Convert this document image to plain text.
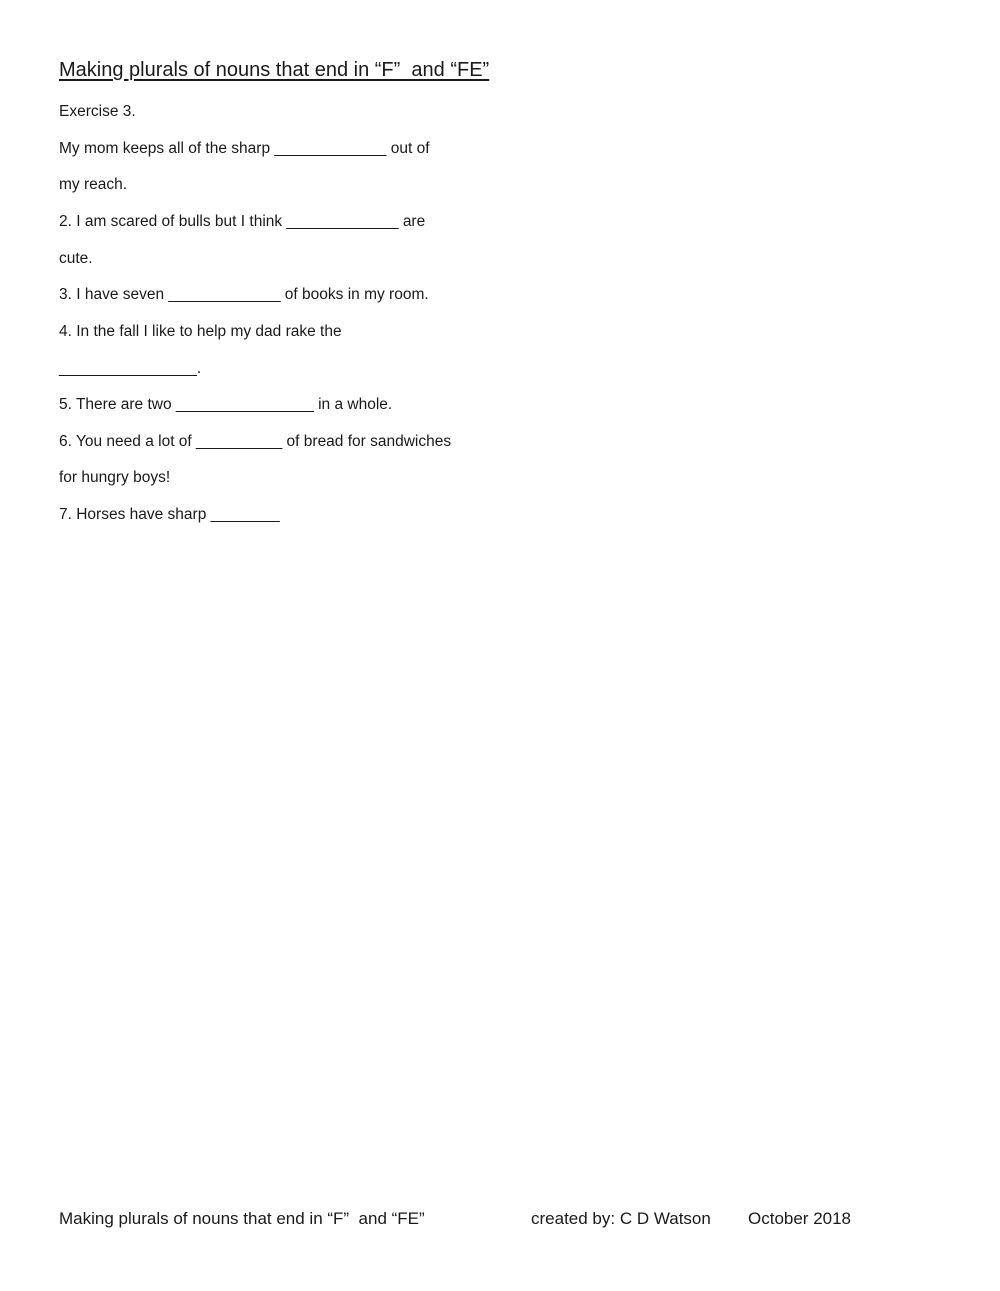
Making plurals of nouns that end in “F”  and “FE”

Exercise 3.

My mom keeps all of the sharp _____________ out of

my reach.

2. I am scared of bulls but I think _____________ are

cute.

3. I have seven _____________ of books in my room.

4. In the fall I like to help my dad rake the

________________.

5. There are two ________________ in a whole.

6. You need a lot of __________ of bread for sandwiches

for hungry boys!

7. Horses have sharp ________

Making plurals of nouns that end in “F”  and “FE”	created by: C D Watson October 2018
